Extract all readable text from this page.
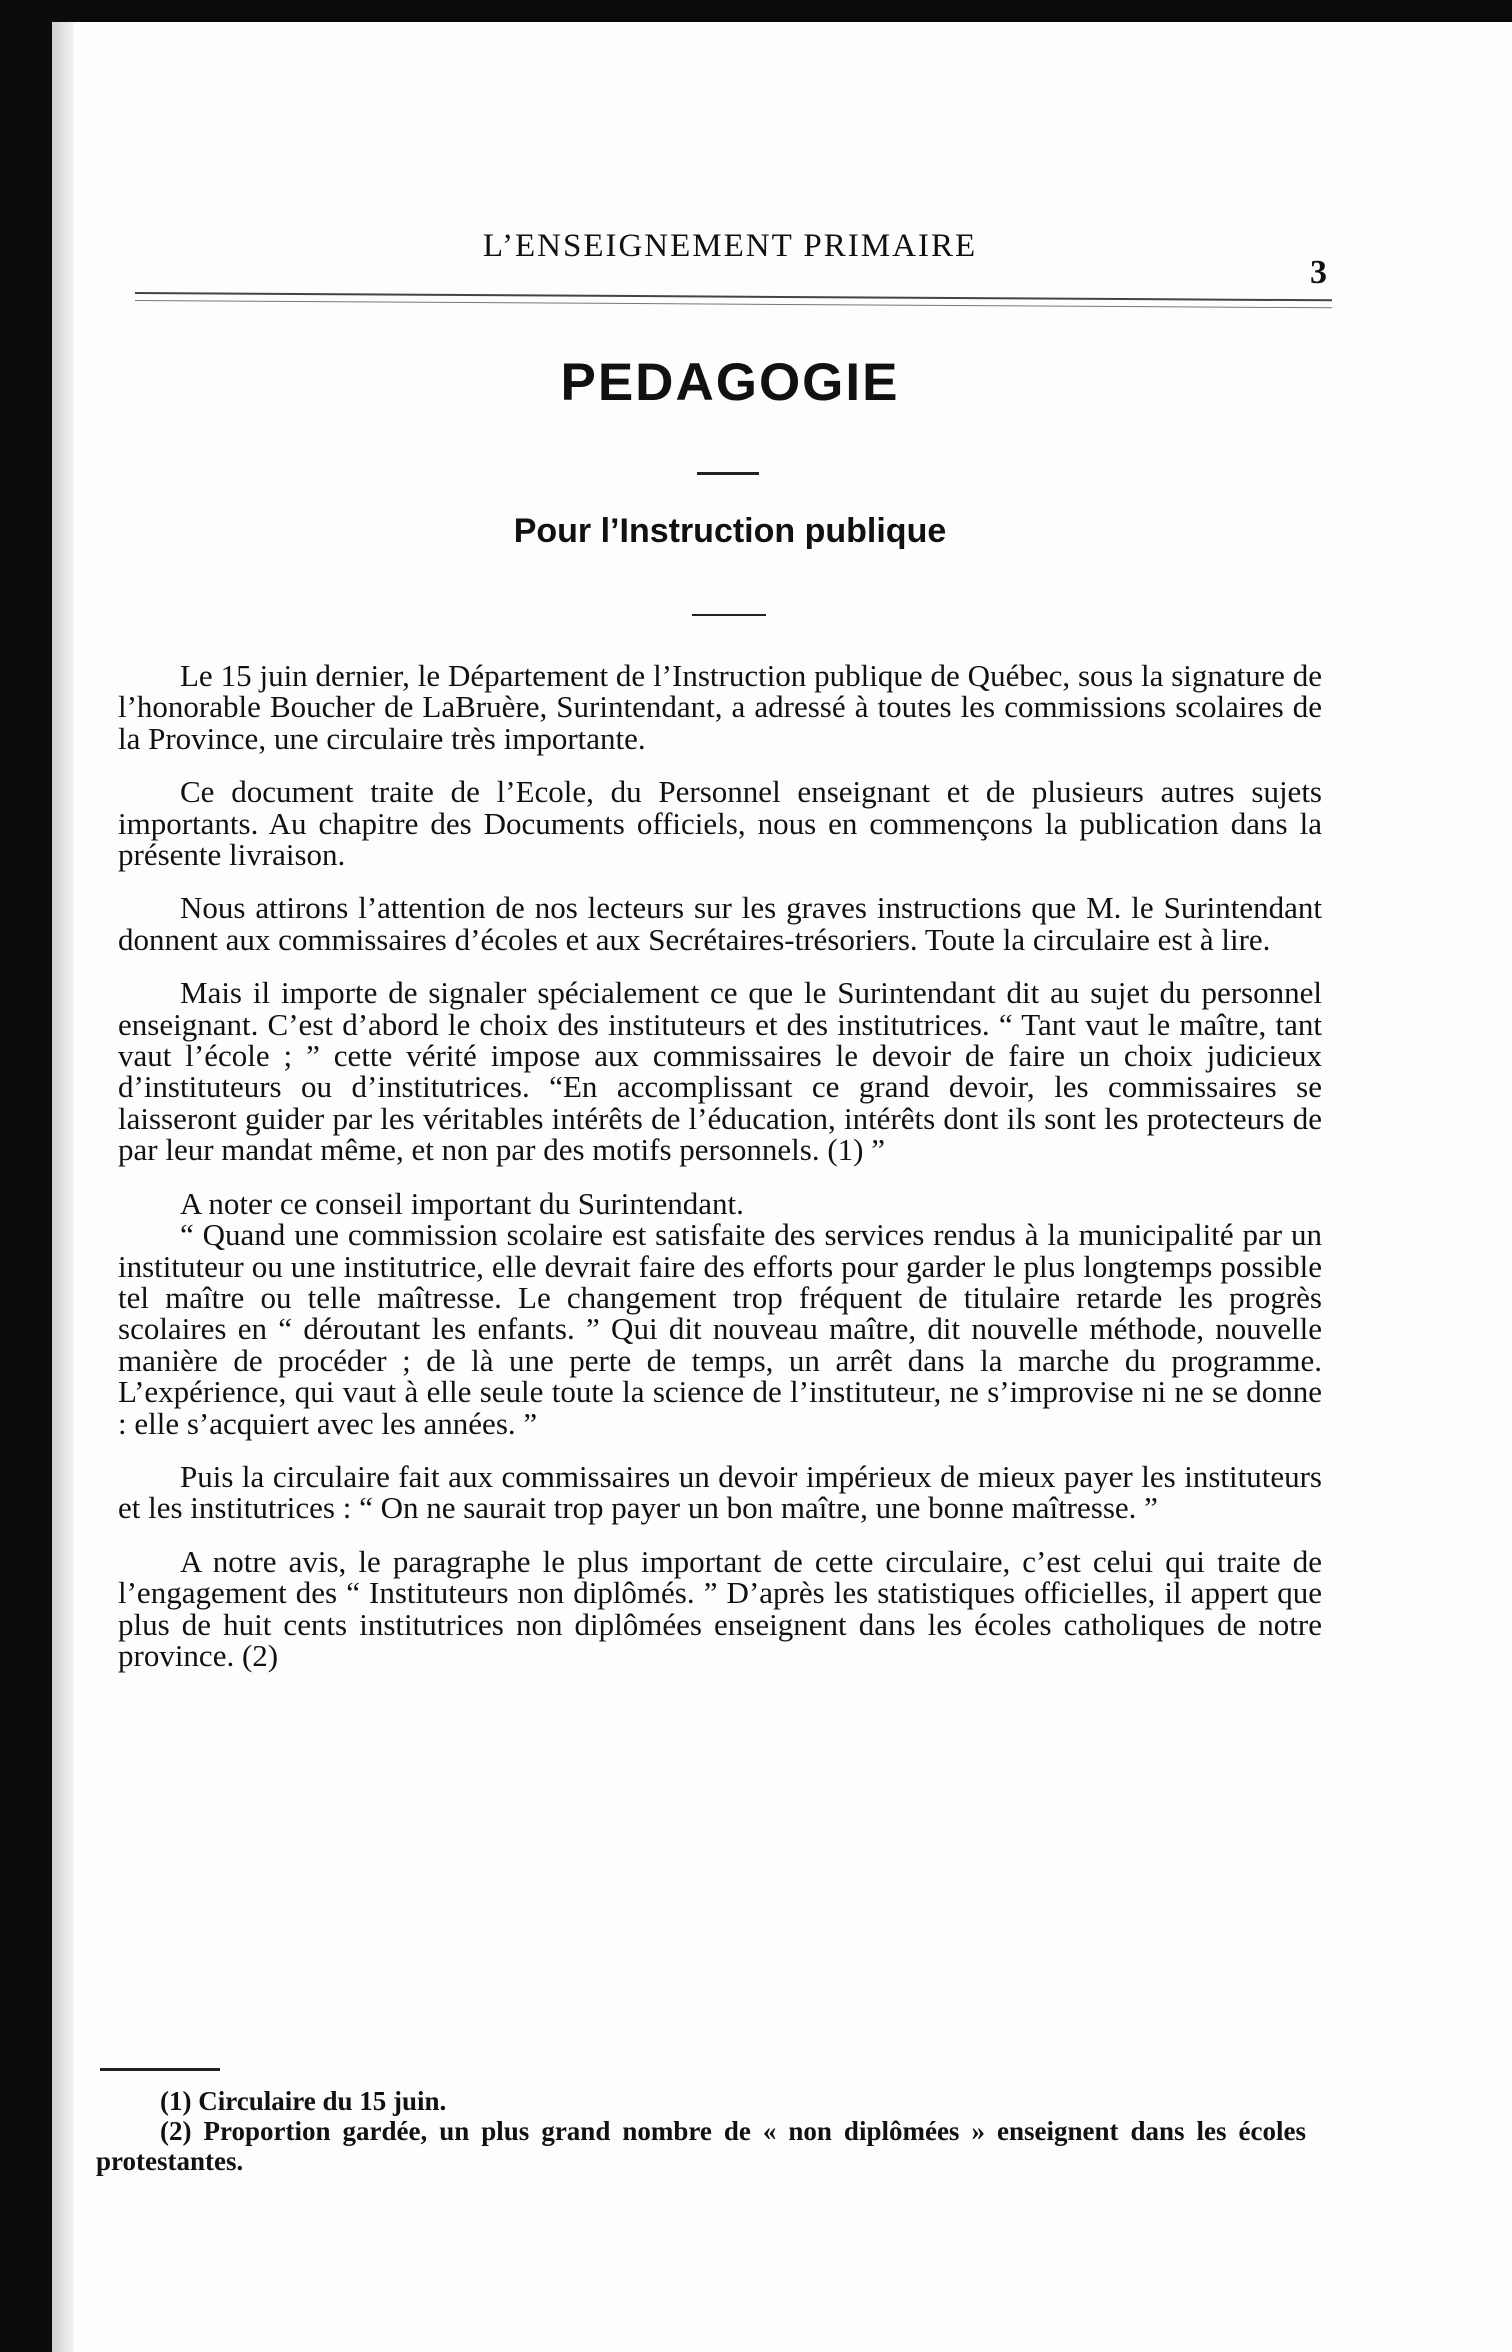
L’ENSEIGNEMENT PRIMAIRE
3
PEDAGOGIE
Pour l’Instruction publique

Le 15 juin dernier, le Département de l’Instruction publique de Québec, sous la signature de l’honorable Boucher de LaBruère, Surintendant, a adressé à toutes les commissions scolaires de la Province, une circulaire très importante.

Ce document traite de l’Ecole, du Personnel enseignant et de plusieurs autres sujets importants. Au chapitre des Documents officiels, nous en commençons la publication dans la présente livraison.

Nous attirons l’attention de nos lecteurs sur les graves instructions que M. le Surintendant donnent aux commissaires d’écoles et aux Secrétaires-trésoriers. Toute la circulaire est à lire.

Mais il importe de signaler spécialement ce que le Surintendant dit au sujet du personnel enseignant. C’est d’abord le choix des instituteurs et des institutrices. “ Tant vaut le maître, tant vaut l’école ; ” cette vérité impose aux commissaires le devoir de faire un choix judicieux d’instituteurs ou d’institutrices. “En accomplissant ce grand devoir, les commissaires se laisseront guider par les véritables intérêts de l’éducation, intérêts dont ils sont les protecteurs de par leur mandat même, et non par des motifs personnels. (1) ”

A noter ce conseil important du Surintendant.

“ Quand une commission scolaire est satisfaite des services rendus à la municipalité par un instituteur ou une institutrice, elle devrait faire des efforts pour garder le plus longtemps possible tel maître ou telle maîtresse. Le changement trop fréquent de titulaire retarde les progrès scolaires en “ déroutant les enfants. ” Qui dit nouveau maître, dit nouvelle méthode, nouvelle manière de procéder ; de là une perte de temps, un arrêt dans la marche du programme. L’expérience, qui vaut à elle seule toute la science de l’instituteur, ne s’improvise ni ne se donne : elle s’acquiert avec les années. ”

Puis la circulaire fait aux commissaires un devoir impérieux de mieux payer les instituteurs et les institutrices : “ On ne saurait trop payer un bon maître, une bonne maîtresse. ”

A notre avis, le paragraphe le plus important de cette circulaire, c’est celui qui traite de l’engagement des “ Instituteurs non diplômés. ” D’après les statistiques officielles, il appert que plus de huit cents institutrices non diplômées enseignent dans les écoles catholiques de notre province. (2)

(1) Circulaire du 15 juin.

(2) Proportion gardée, un plus grand nombre de « non diplômées » enseignent dans les écoles protestantes.
